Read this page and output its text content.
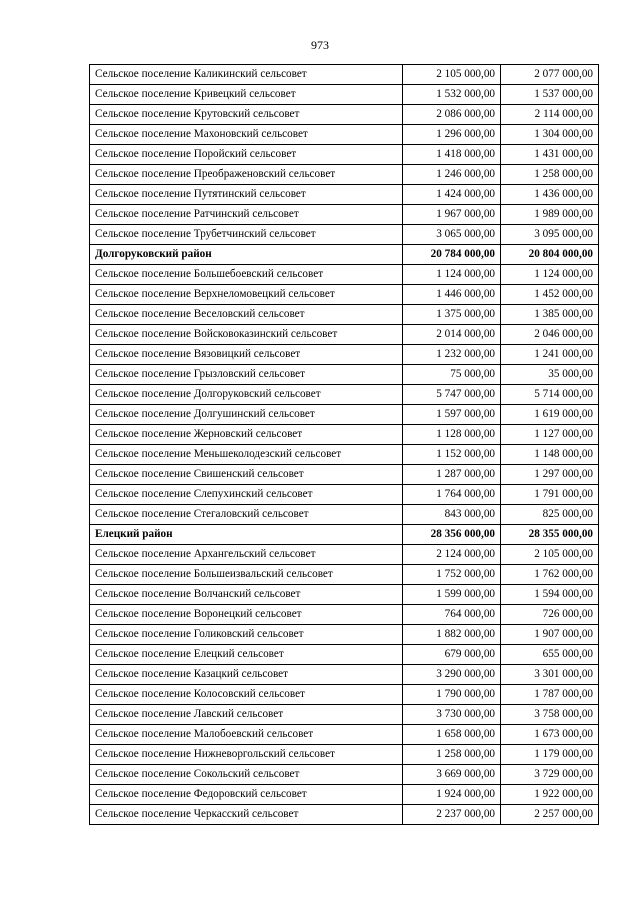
973
Сельское поселение Каликинский сельсовет	2 105 000,00	2 077 000,00
Сельское поселение Кривецкий сельсовет	1 532 000,00	1 537 000,00
Сельское поселение Крутовский сельсовет	2 086 000,00	2 114 000,00
Сельское поселение Махоновский сельсовет	1 296 000,00	1 304 000,00
Сельское поселение Поройский сельсовет	1 418 000,00	1 431 000,00
Сельское поселение Преображеновский сельсовет	1 246 000,00	1 258 000,00
Сельское поселение Путятинский сельсовет	1 424 000,00	1 436 000,00
Сельское поселение Ратчинский сельсовет	1 967 000,00	1 989 000,00
Сельское поселение Трубетчинский сельсовет	3 065 000,00	3 095 000,00
Долгоруковский район	20 784 000,00	20 804 000,00
Сельское поселение Большебоевский сельсовет	1 124 000,00	1 124 000,00
Сельское поселение Верхнеломовецкий сельсовет	1 446 000,00	1 452 000,00
Сельское поселение Веселовский сельсовет	1 375 000,00	1 385 000,00
Сельское поселение Войсковоказинский сельсовет	2 014 000,00	2 046 000,00
Сельское поселение Вязовицкий сельсовет	1 232 000,00	1 241 000,00
Сельское поселение Грызловский сельсовет	75 000,00	35 000,00
Сельское поселение Долгоруковский сельсовет	5 747 000,00	5 714 000,00
Сельское поселение Долгушинский сельсовет	1 597 000,00	1 619 000,00
Сельское поселение Жерновский сельсовет	1 128 000,00	1 127 000,00
Сельское поселение Меньшеколодезский сельсовет	1 152 000,00	1 148 000,00
Сельское поселение Свишенский сельсовет	1 287 000,00	1 297 000,00
Сельское поселение Слепухинский сельсовет	1 764 000,00	1 791 000,00
Сельское поселение Стегаловский сельсовет	843 000,00	825 000,00
Елецкий район	28 356 000,00	28 355 000,00
Сельское поселение Архангельский сельсовет	2 124 000,00	2 105 000,00
Сельское поселение Большеизвальский сельсовет	1 752 000,00	1 762 000,00
Сельское поселение Волчанский сельсовет	1 599 000,00	1 594 000,00
Сельское поселение Воронецкий сельсовет	764 000,00	726 000,00
Сельское поселение Голиковский сельсовет	1 882 000,00	1 907 000,00
Сельское поселение Елецкий сельсовет	679 000,00	655 000,00
Сельское поселение Казацкий сельсовет	3 290 000,00	3 301 000,00
Сельское поселение Колосовский сельсовет	1 790 000,00	1 787 000,00
Сельское поселение Лавский сельсовет	3 730 000,00	3 758 000,00
Сельское поселение Малобоевский сельсовет	1 658 000,00	1 673 000,00
Сельское поселение Нижневоргольский сельсовет	1 258 000,00	1 179 000,00
Сельское поселение Сокольский сельсовет	3 669 000,00	3 729 000,00
Сельское поселение Федоровский сельсовет	1 924 000,00	1 922 000,00
Сельское поселение Черкасский сельсовет	2 237 000,00	2 257 000,00
